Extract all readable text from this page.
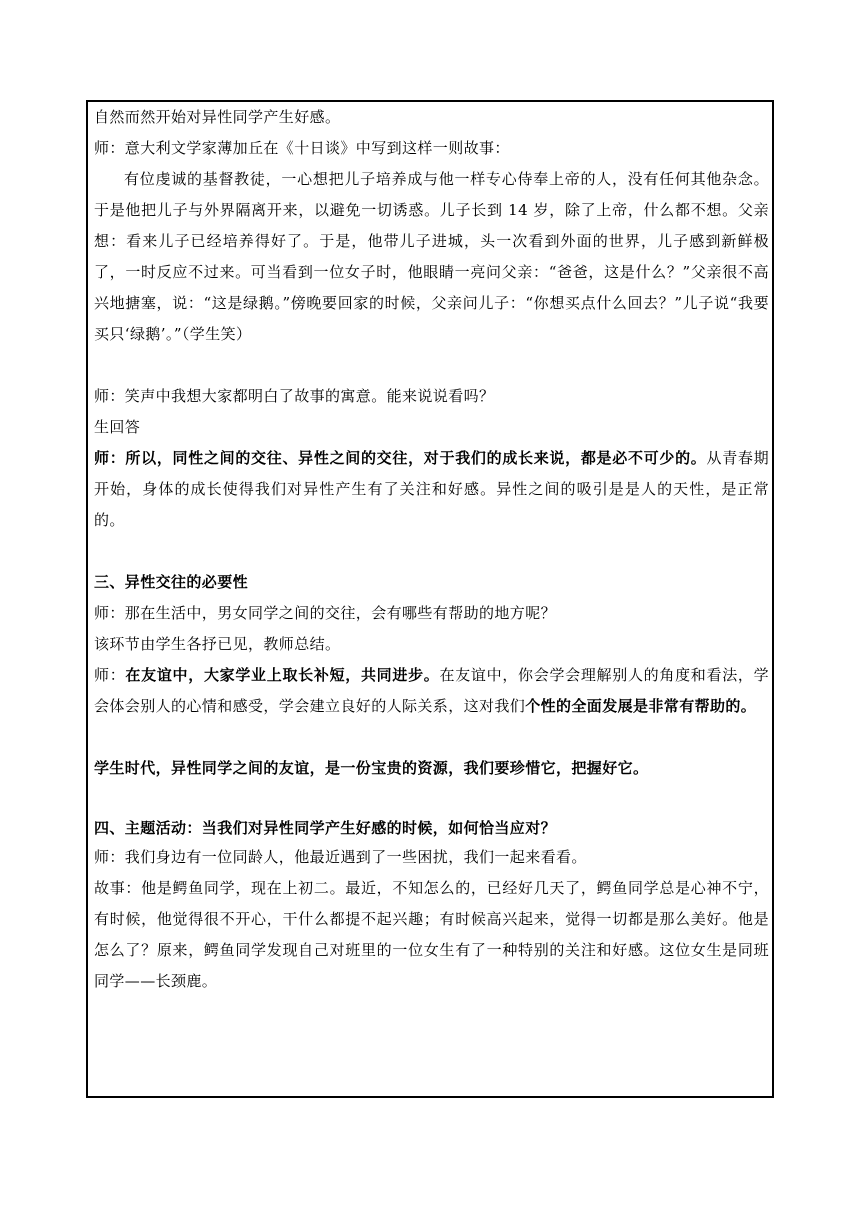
自然而然开始对异性同学产生好感。

师：意大利文学家薄加丘在《十日谈》中写到这样一则故事：

有位虔诚的基督教徒，一心想把儿子培养成与他一样专心侍奉上帝的人，没有任何其他杂念。于是他把儿子与外界隔离开来，以避免一切诱惑。儿子长到 14 岁，除了上帝，什么都不想。父亲想：看来儿子已经培养得好了。于是，他带儿子进城，头一次看到外面的世界，儿子感到新鲜极了，一时反应不过来。可当看到一位女子时，他眼睛一亮问父亲：“爸爸，这是什么？”父亲很不高兴地搪塞，说：“这是绿鹅。”傍晚要回家的时候，父亲问儿子：“你想买点什么回去？”儿子说“我要买只‘绿鹅’。”（学生笑）

师：笑声中我想大家都明白了故事的寓意。能来说说看吗？

生回答

师：所以，同性之间的交往、异性之间的交往，对于我们的成长来说，都是必不可少的。从青春期开始，身体的成长使得我们对异性产生有了关注和好感。异性之间的吸引是是人的天性，是正常的。

三、异性交往的必要性

师：那在生活中，男女同学之间的交往，会有哪些有帮助的地方呢？

该环节由学生各抒已见，教师总结。

师：在友谊中，大家学业上取长补短，共同进步。在友谊中，你会学会理解别人的角度和看法，学会体会别人的心情和感受，学会建立良好的人际关系，这对我们个性的全面发展是非常有帮助的。

学生时代，异性同学之间的友谊，是一份宝贵的资源，我们要珍惜它，把握好它。

四、主题活动：当我们对异性同学产生好感的时候，如何恰当应对？

师：我们身边有一位同龄人，他最近遇到了一些困扰，我们一起来看看。

故事：他是鳄鱼同学，现在上初二。最近，不知怎么的，已经好几天了，鳄鱼同学总是心神不宁，有时候，他觉得很不开心，干什么都提不起兴趣；有时候高兴起来，觉得一切都是那么美好。他是怎么了？原来，鳄鱼同学发现自己对班里的一位女生有了一种特别的关注和好感。这位女生是同班同学——长颈鹿。
